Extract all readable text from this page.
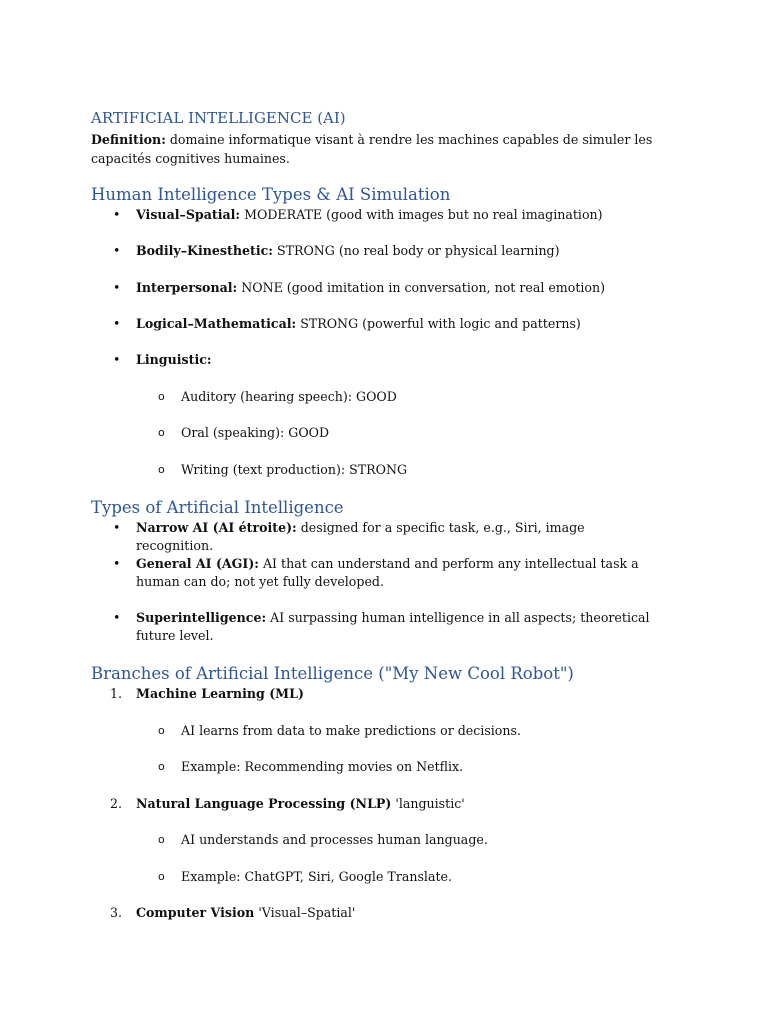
ARTIFICIAL INTELLIGENCE (AI)

Definition: domaine informatique visant à rendre les machines capables de simuler les capacités cognitives humaines.

Human Intelligence Types & AI Simulation
• Visual–Spatial: MODERATE (good with images but no real imagination)

• Bodily–Kinesthetic: STRONG (no real body or physical learning)

• Interpersonal: NONE (good imitation in conversation, not real emotion)

• Logical–Mathematical: STRONG (powerful with logic and patterns)

• Linguistic:

o Auditory (hearing speech): GOOD

o Oral (speaking): GOOD

o Writing (text production): STRONG

Types of Artificial Intelligence
• Narrow AI (AI étroite): designed for a specific task, e.g., Siri, image recognition.

• General AI (AGI): AI that can understand and perform any intellectual task a human can do; not yet fully developed.

• Superintelligence: AI surpassing human intelligence in all aspects; theoretical future level.

Branches of Artificial Intelligence ("My New Cool Robot")
1. Machine Learning (ML)

o AI learns from data to make predictions or decisions.

o Example: Recommending movies on Netflix.

2. Natural Language Processing (NLP) 'languistic'

o AI understands and processes human language.

o Example: ChatGPT, Siri, Google Translate.

3. Computer Vision 'Visual–Spatial'
